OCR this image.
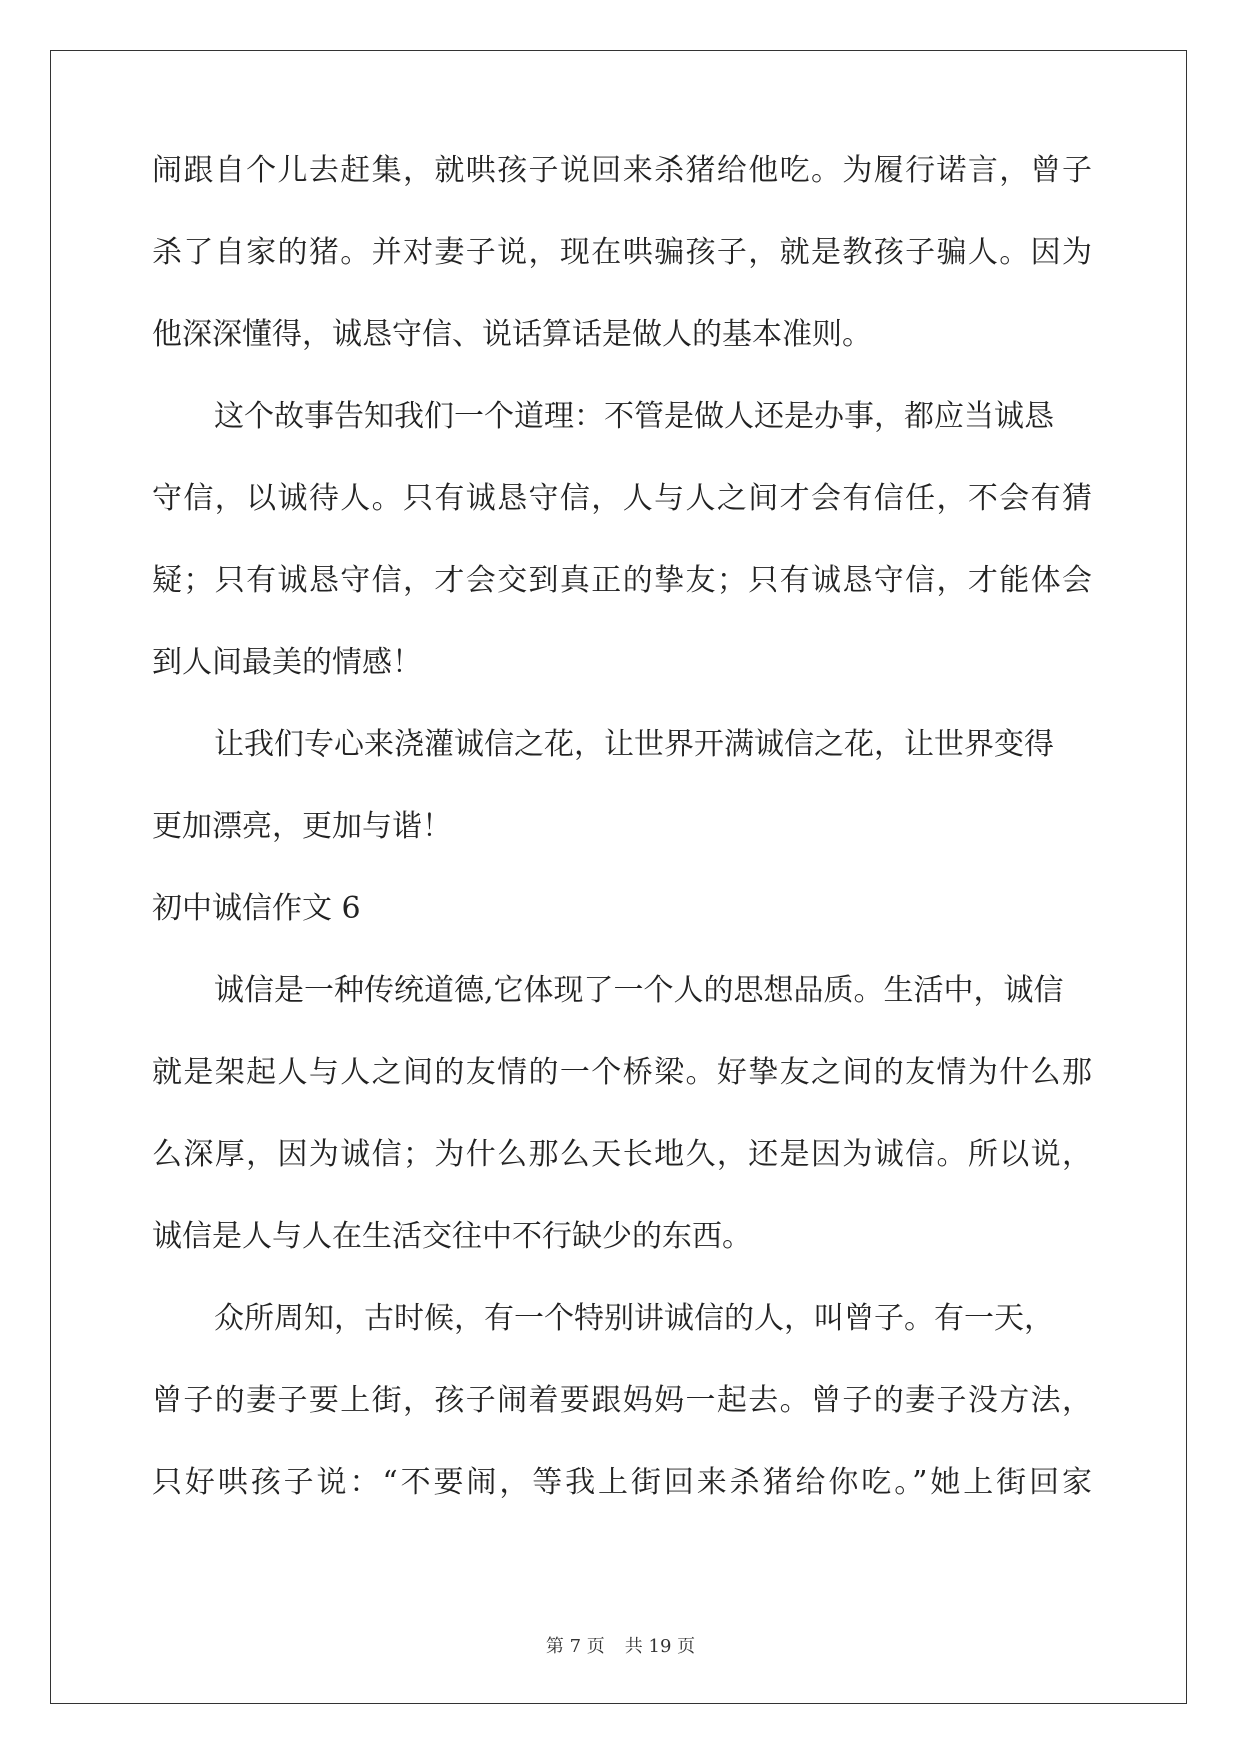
闹跟自个儿去赶集，就哄孩子说回来杀猪给他吃。为履行诺言，曾子
杀了自家的猪。并对妻子说，现在哄骗孩子，就是教孩子骗人。因为
他深深懂得，诚恳守信、说话算话是做人的基本准则。
这个故事告知我们一个道理：不管是做人还是办事，都应当诚恳
守信，以诚待人。只有诚恳守信，人与人之间才会有信任，不会有猜
疑；只有诚恳守信，才会交到真正的挚友；只有诚恳守信，才能体会
到人间最美的情感！
让我们专心来浇灌诚信之花，让世界开满诚信之花，让世界变得
更加漂亮，更加与谐！
初中诚信作文 6
诚信是一种传统道德,它体现了一个人的思想品质。生活中，诚信
就是架起人与人之间的友情的一个桥梁。好挚友之间的友情为什么那
么深厚，因为诚信；为什么那么天长地久，还是因为诚信。所以说，
诚信是人与人在生活交往中不行缺少的东西。
众所周知，古时候，有一个特别讲诚信的人，叫曾子。有一天，
曾子的妻子要上街，孩子闹着要跟妈妈一起去。曾子的妻子没方法，
只好哄孩子说：“不要闹，等我上街回来杀猪给你吃。”她上街回家
第 7 页 共 19 页
